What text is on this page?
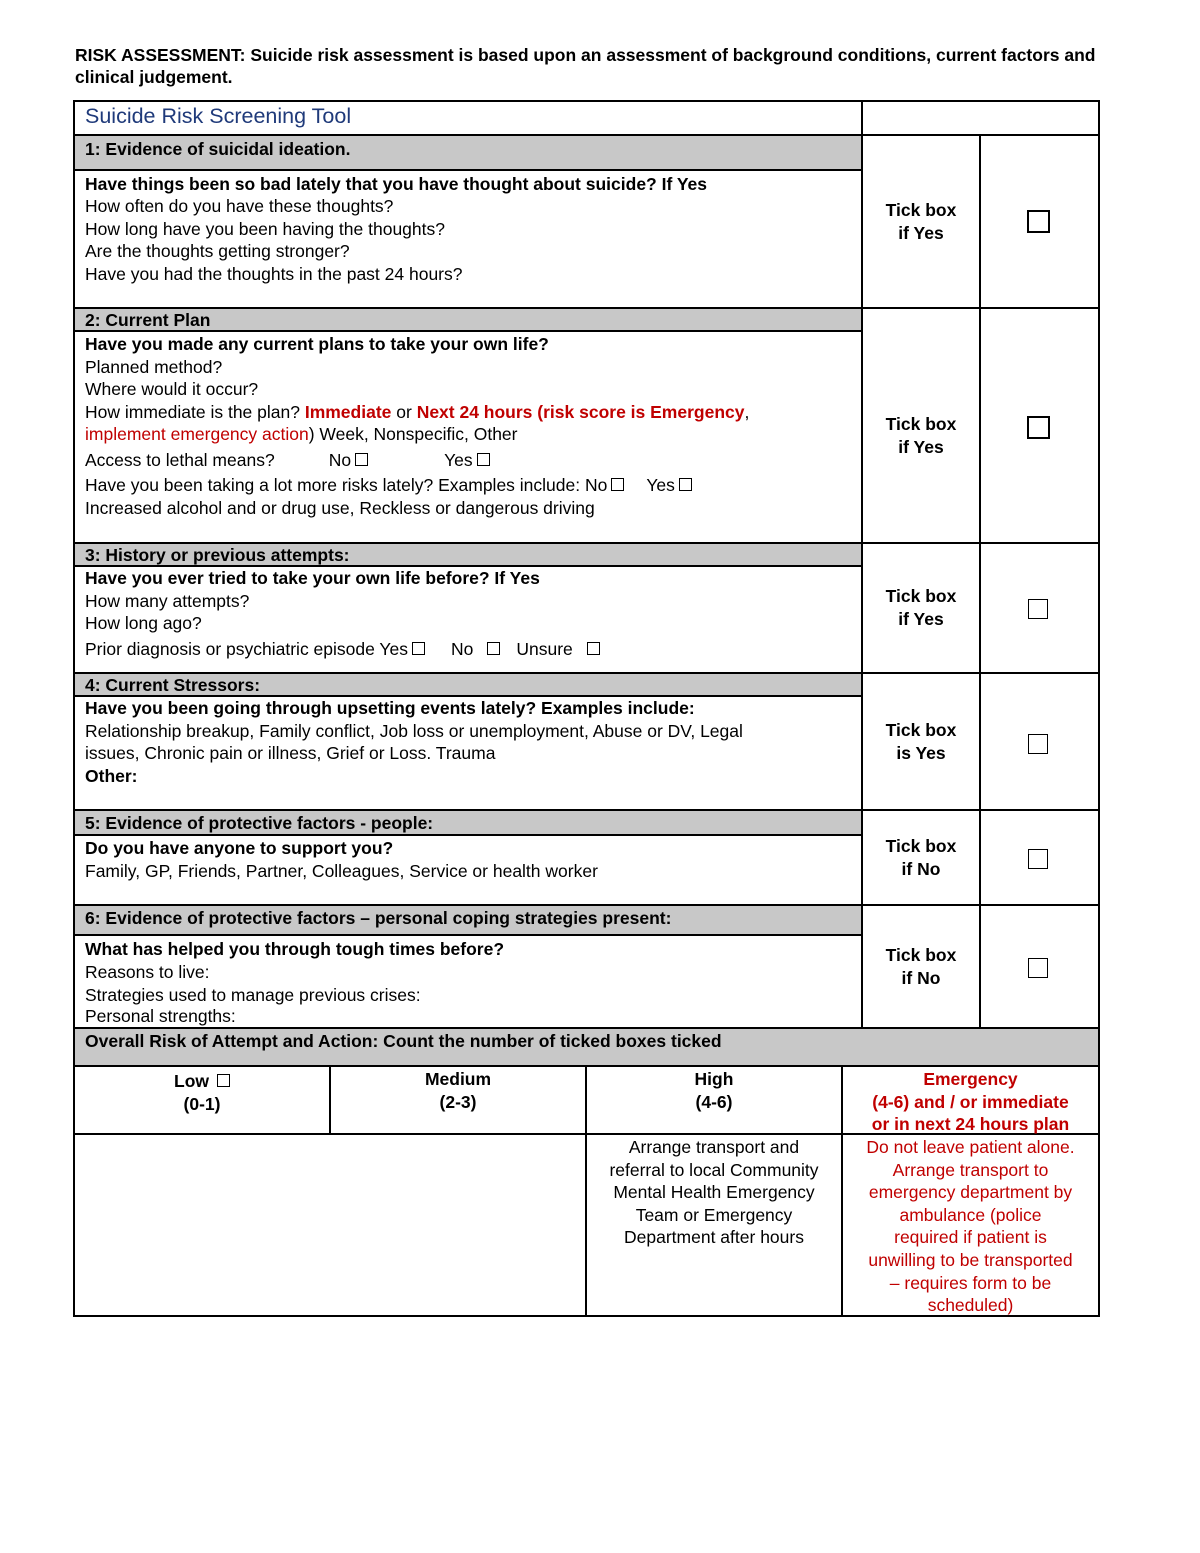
RISK ASSESSMENT: Suicide risk assessment is based upon an assessment of background conditions, current factors and clinical judgement.
Suicide Risk Screening Tool
1: Evidence of suicidal ideation.
Have things been so bad lately that you have thought about suicide? If Yes
How often do you have these thoughts?
How long have you been having the thoughts?
Are the thoughts getting stronger?
Have you had the thoughts in the past 24 hours?
Tick box
if Yes
2: Current Plan
Have you made any current plans to take your own life?
Planned method?
Where would it occur?
How immediate is the plan? Immediate or Next 24 hours (risk score is Emergency,
implement emergency action) Week, Nonspecific, Other
Access to lethal means?	No	Yes
Have you been taking a lot more risks lately? Examples include: No Yes
Increased alcohol and or drug use, Reckless or dangerous driving
Tick box
if Yes
3: History or previous attempts:
Have you ever tried to take your own life before? If Yes
How many attempts?
How long ago?
Prior diagnosis or psychiatric episode Yes No Unsure
Tick box
if Yes
4: Current Stressors:
Have you been going through upsetting events lately? Examples include:
Relationship breakup, Family conflict, Job loss or unemployment, Abuse or DV, Legal
issues, Chronic pain or illness, Grief or Loss. Trauma
Other:
Tick box
is Yes
5: Evidence of protective factors - people:
Do you have anyone to support you?
Family, GP, Friends, Partner, Colleagues, Service or health worker
Tick box
if No
6: Evidence of protective factors – personal coping strategies present:
What has helped you through tough times before?
Reasons to live:
Strategies used to manage previous crises:
Personal strengths:
Tick box
if No
Overall Risk of Attempt and Action: Count the number of ticked boxes ticked
Low
(0-1)
Medium
(2-3)
High
(4-6)
Emergency
(4-6) and / or immediate
or in next 24 hours plan
Arrange transport and
referral to local Community
Mental Health Emergency
Team or Emergency
Department after hours
Do not leave patient alone.
Arrange transport to
emergency department by
ambulance (police
required if patient is
unwilling to be transported
– requires form to be
scheduled)
